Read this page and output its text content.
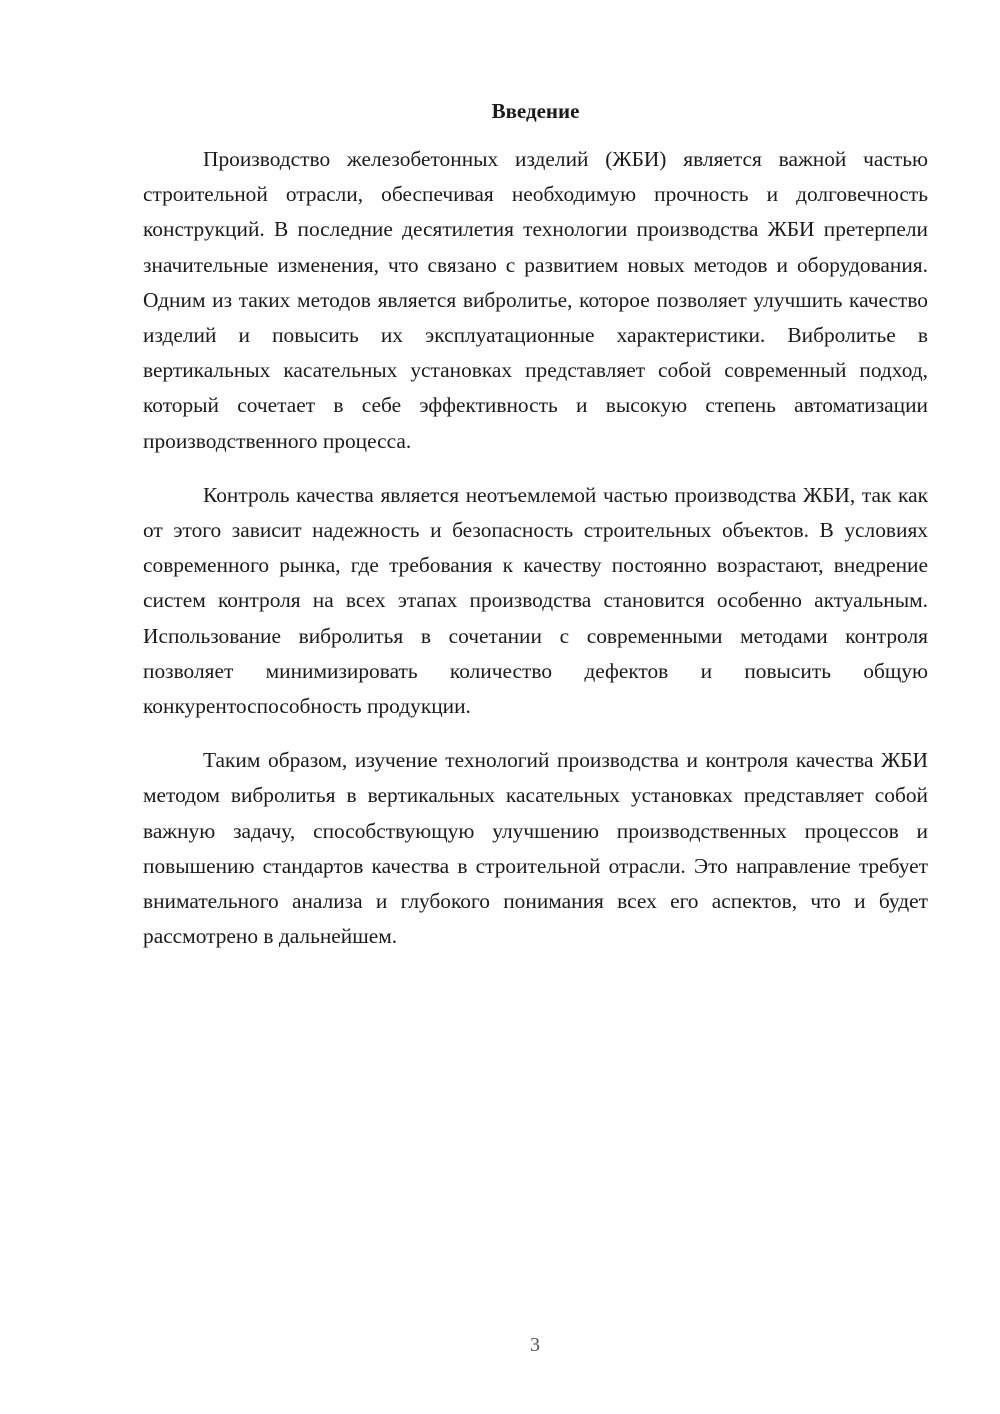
Введение

Производство железобетонных изделий (ЖБИ) является важной частью строительной отрасли, обеспечивая необходимую прочность и долговечность конструкций. В последние десятилетия технологии производства ЖБИ претерпели значительные изменения, что связано с развитием новых методов и оборудования. Одним из таких методов является вибролитье, которое позволяет улучшить качество изделий и повысить их эксплуатационные характеристики. Вибролитье в вертикальных касательных установках представляет собой современный подход, который сочетает в себе эффективность и высокую степень автоматизации производственного процесса.

Контроль качества является неотъемлемой частью производства ЖБИ, так как от этого зависит надежность и безопасность строительных объектов. В условиях современного рынка, где требования к качеству постоянно возрастают, внедрение систем контроля на всех этапах производства становится особенно актуальным. Использование вибролитья в сочетании с современными методами контроля позволяет минимизировать количество дефектов и повысить общую конкурентоспособность продукции.

Таким образом, изучение технологий производства и контроля качества ЖБИ методом вибролитья в вертикальных касательных установках представляет собой важную задачу, способствующую улучшению производственных процессов и повышению стандартов качества в строительной отрасли. Это направление требует внимательного анализа и глубокого понимания всех его аспектов, что и будет рассмотрено в дальнейшем.

3
